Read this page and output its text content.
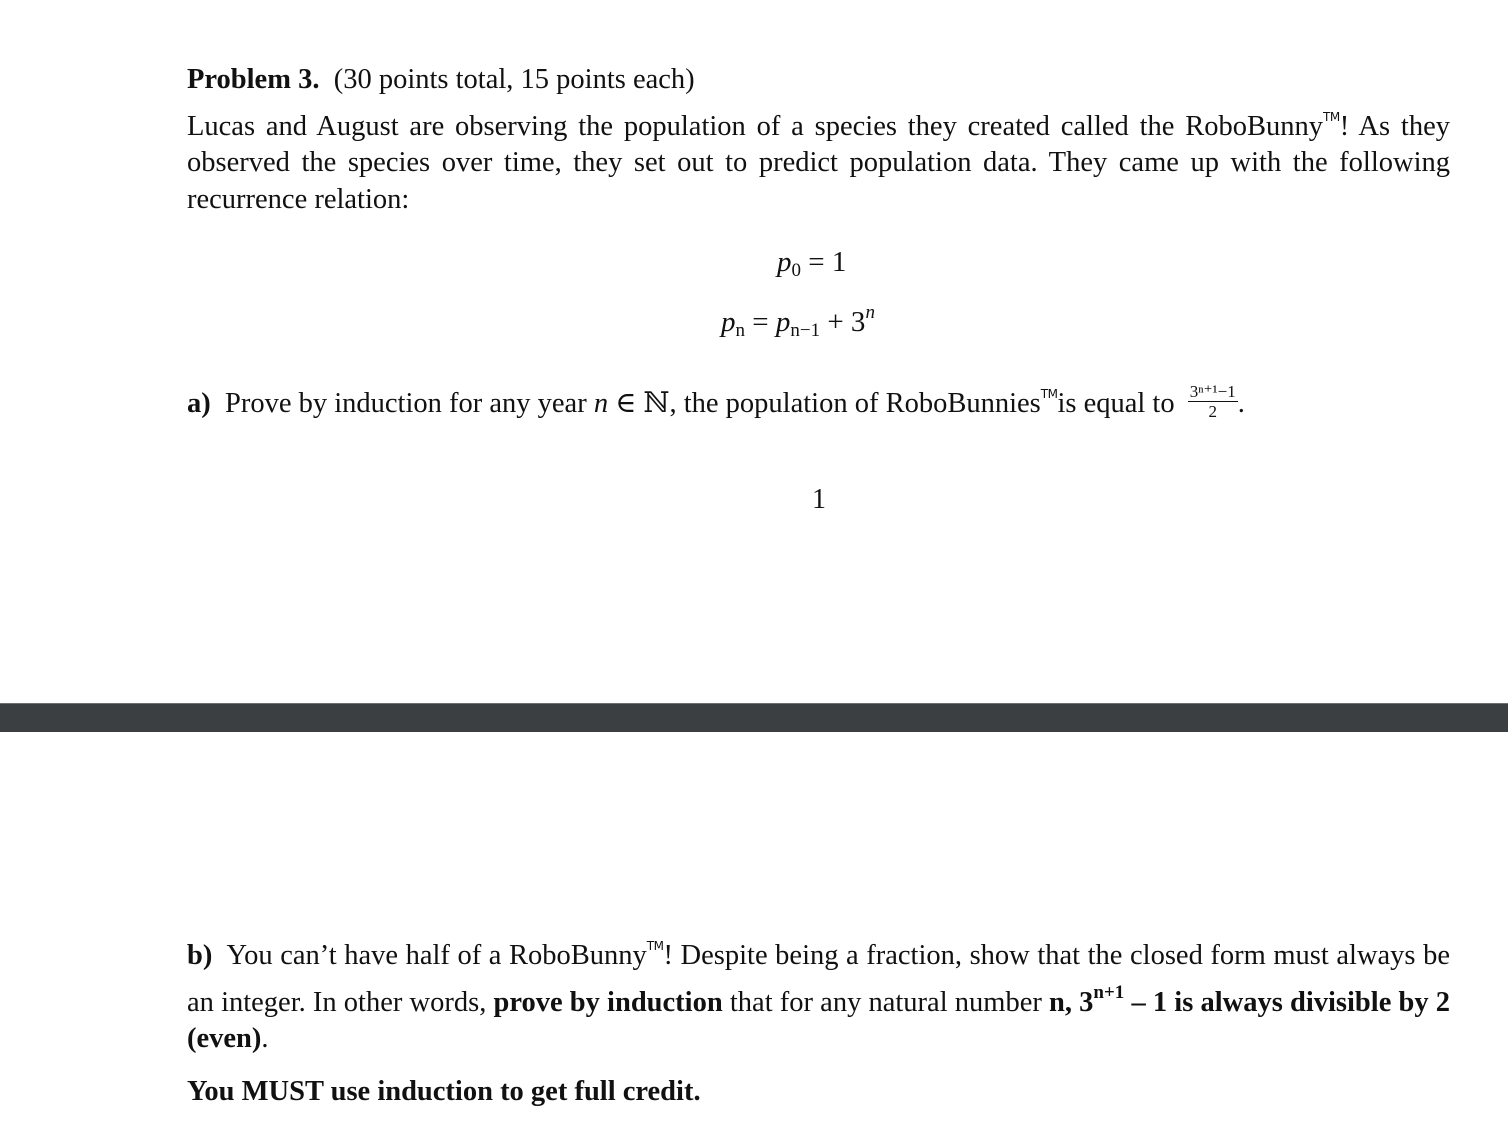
Problem 3. (30 points total, 15 points each)
Lucas and August are observing the population of a species they created called the RoboBunny™! As they observed the species over time, they set out to predict population data. They came up with the following recurrence relation:
$p_0 = 1$
$p_n = p_{n-1} + 3^n$
a) Prove by induction for any year n ∈ ℕ, the population of RoboBunnies™is equal to $\frac{\text{3ⁿ⁺¹−1}}{2}$ .
1
b) You can’t have half of a RoboBunny™! Despite being a fraction, show that the closed form must always be an integer. In other words, prove by induction that for any natural number n, $3^{n+1} - 1$ is always divisible by 2 (even).
You MUST use induction to get full credit.
